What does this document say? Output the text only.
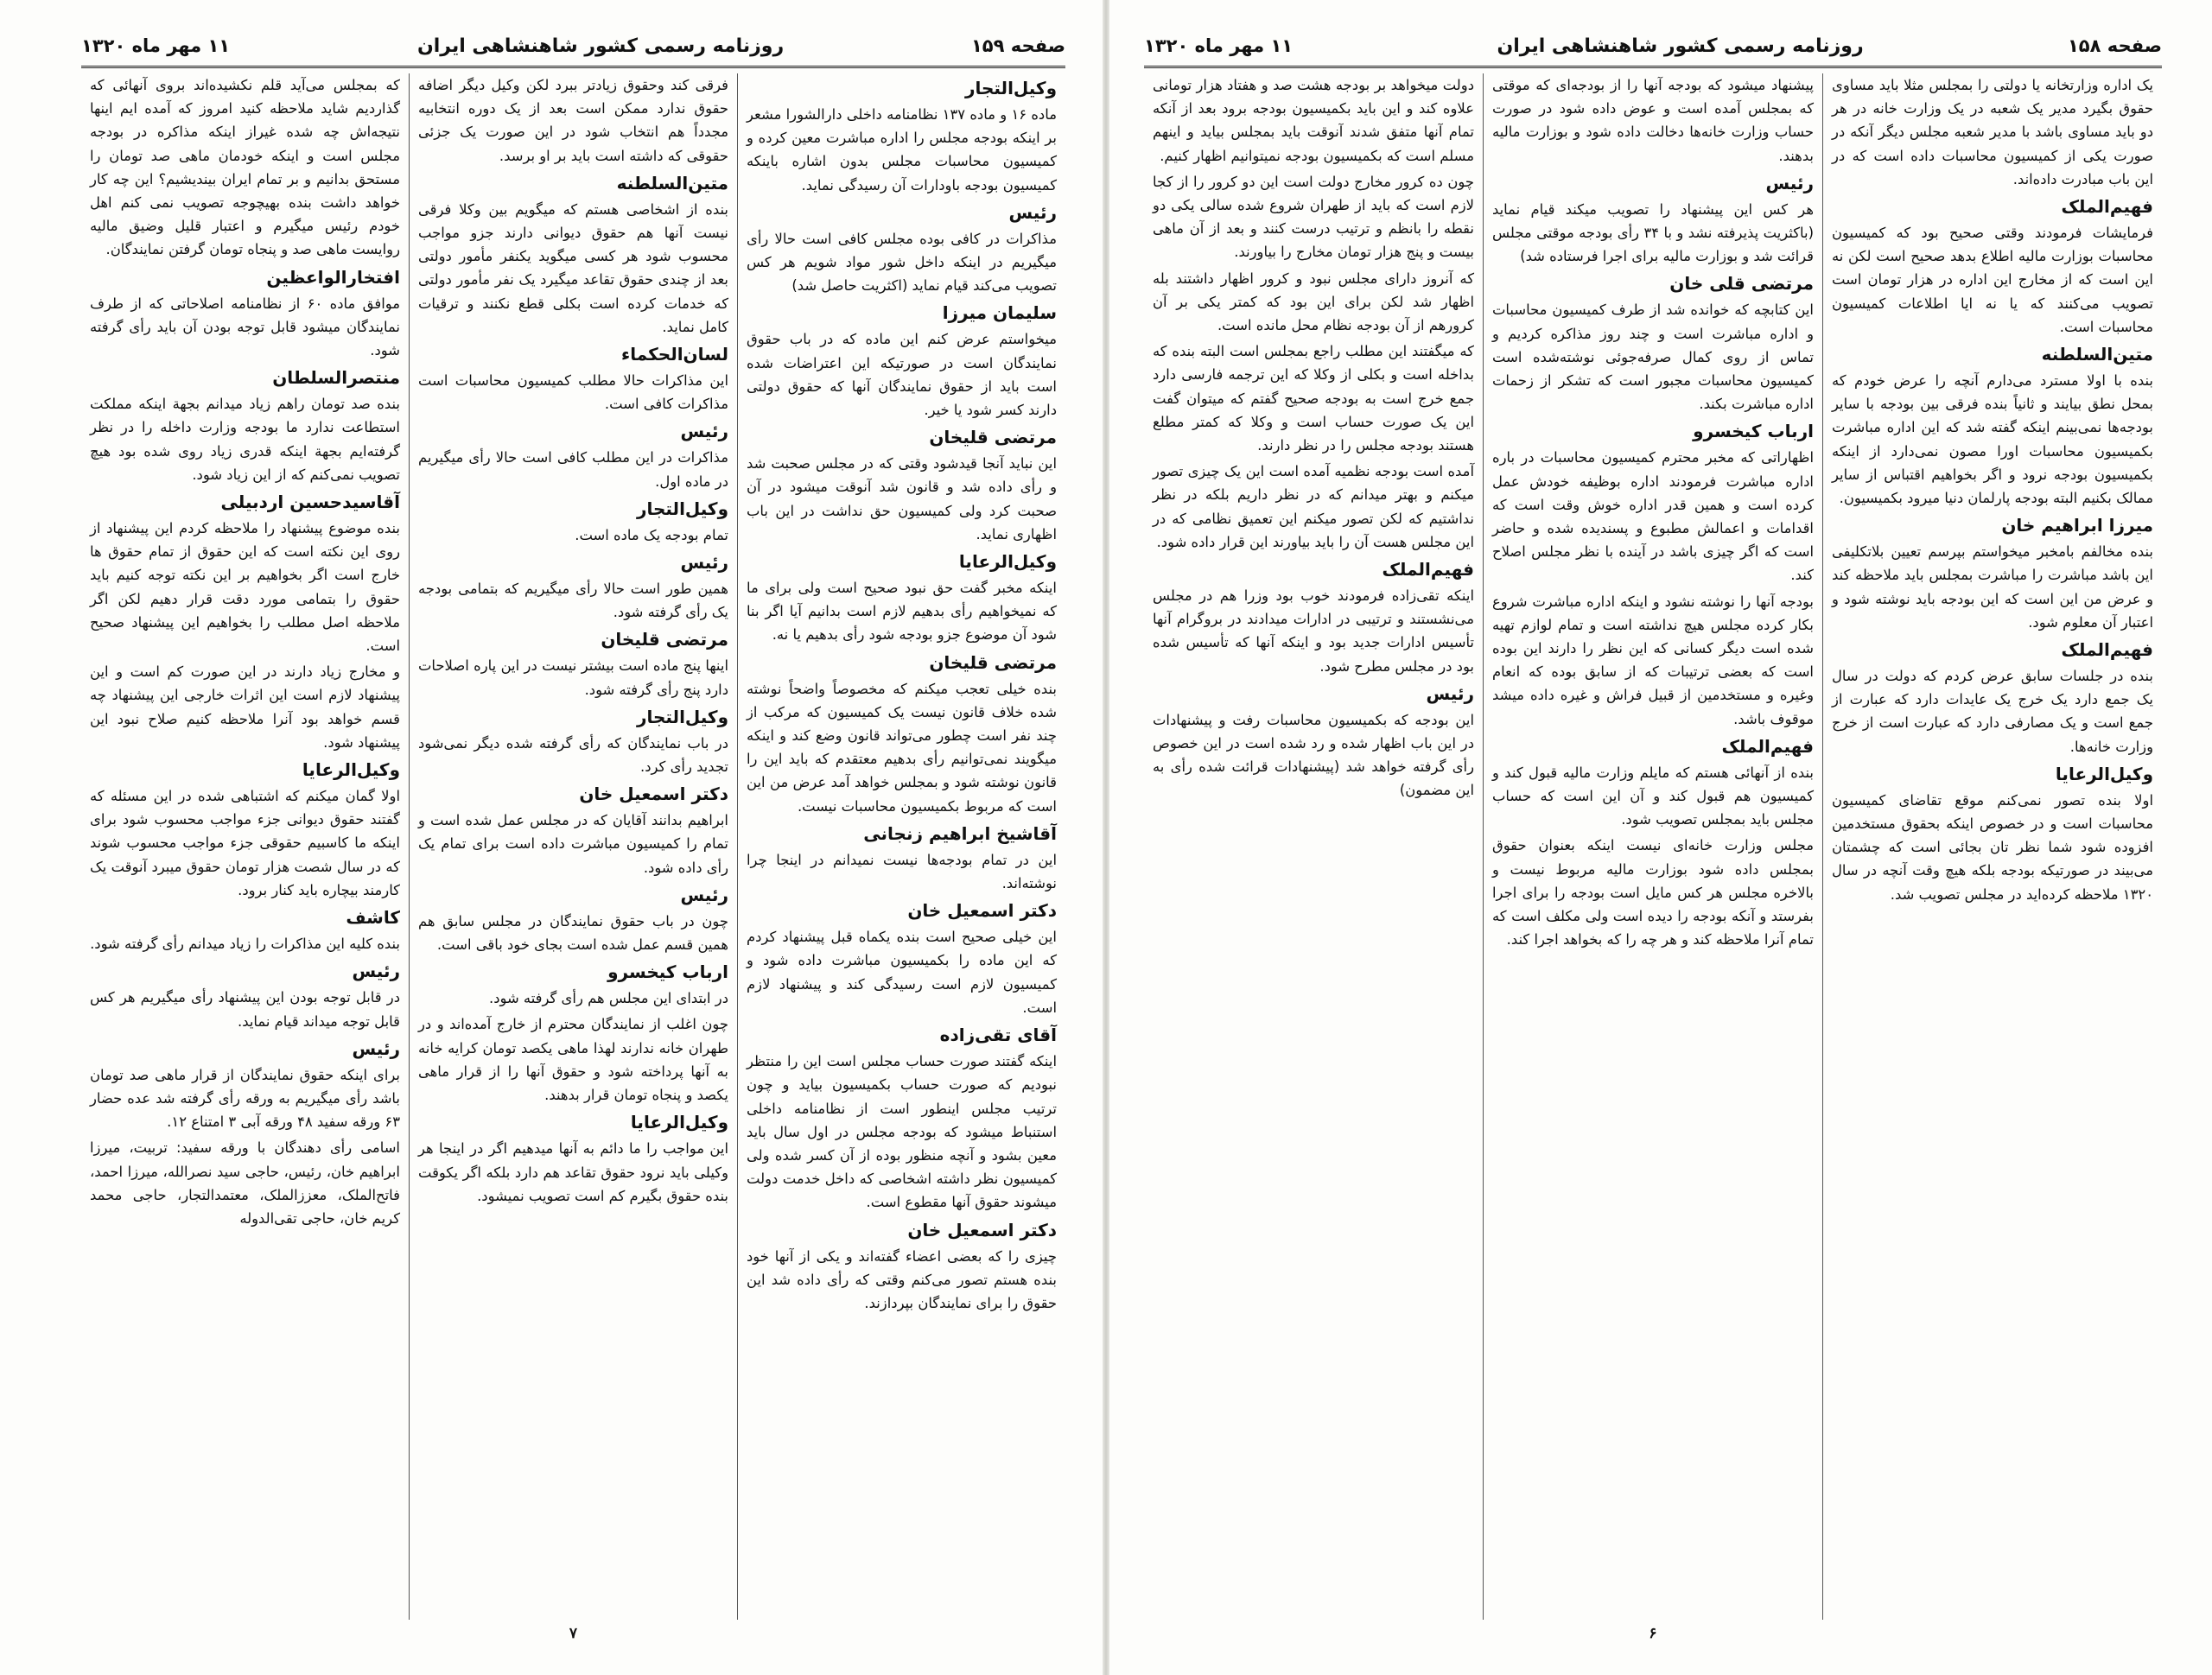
صفحه ۱۵۹
روزنامه رسمی کشور شاهنشاهی ایران
۱۱ مهر ماه ۱۳۲۰
وکیل‌التجار

ماده ۱۶ و ماده ۱۳۷ نظامنامه داخلی دارالشورا مشعر بر اینکه بودجه مجلس را اداره مباشرت معین کرده و کمیسیون محاسبات مجلس بدون اشاره باینکه کمیسیون بودجه باودارات آن رسیدگی نماید.

رئیس

مذاکرات در کافی بوده مجلس کافی است حالا رأی میگیریم در اینکه داخل شور مواد شویم هر کس تصویب می‌کند قیام نماید (اکثریت حاصل شد)

سلیمان میرزا

میخواستم عرض کنم این ماده که در باب حقوق نمایندگان است در صورتیکه این اعتراضات شده است باید از حقوق نمایندگان آنها که حقوق دولتی دارند کسر شود یا خیر.

مرتضی قلیخان

این نباید آنجا قیدشود وقتی که در مجلس صحبت شد و رأی داده شد و قانون شد آنوقت میشود در آن صحبت کرد ولی کمیسیون حق نداشت در این باب اظهاری نماید.

وکیل‌الرعایا

اینکه مخبر گفت حق نبود صحیح است ولی برای ما که نمیخواهیم رأی بدهیم لازم است بدانیم آیا اگر بنا شود آن موضوع جزو بودجه شود رأی بدهیم یا نه.

مرتضی قلیخان

بنده خیلی تعجب میکنم که مخصوصاً واضحاً نوشته شده خلاف قانون نیست یک کمیسیون که مرکب از چند نفر است چطور می‌تواند قانون وضع کند و اینکه میگویند نمی‌توانیم رأی بدهیم معتقدم که باید این را قانون نوشته شود و بمجلس خواهد آمد عرض من این است که مربوط بکمیسیون محاسبات نیست.

آقاشیخ ابراهیم زنجانی

این در تمام بودجه‌ها نیست نمیدانم در اینجا چرا نوشته‌اند.

دکتر اسمعیل خان

این خیلی صحیح است بنده یکماه قبل پیشنهاد کردم که این ماده را بکمیسیون مباشرت داده شود و کمیسیون لازم است رسیدگی کند و پیشنهاد لازم است.

آقای تقی‌زاده

اینکه گفتند صورت حساب مجلس است این را منتظر نبودیم که صورت حساب بکمیسیون بیاید و چون ترتیب مجلس اینطور است از نظامنامه داخلی استنباط میشود که بودجه مجلس در اول سال باید معین بشود و آنچه منظور بوده از آن کسر شده ولی کمیسیون نظر داشته اشخاصی که داخل خدمت دولت میشوند حقوق آنها مقطوع است.

دکتر اسمعیل خان

چیزی را که بعضی اعضاء گفته‌اند و یکی از آنها خود بنده هستم تصور می‌کنم وقتی که رأی داده شد این حقوق را برای نمایندگان بپردازند.

فرقی کند وحقوق زیادتر ببرد لکن وکیل دیگر اضافه حقوق ندارد ممکن است بعد از یک دوره انتخابیه مجدداً هم انتخاب شود در این صورت یک جزئی حقوقی که داشته است باید بر او برسد.

متین‌السلطنه

بنده از اشخاصی هستم که میگویم بین وکلا فرقی نیست آنها هم حقوق دیوانی دارند جزو مواجب محسوب شود هر کسی میگوید یکنفر مأمور دولتی بعد از چندی حقوق تقاعد میگیرد یک نفر مأمور دولتی که خدمات کرده است بکلی قطع نکنند و ترقیات کامل نماید.

لسان‌الحکماء

این مذاکرات حالا مطلب کمیسیون محاسبات است مذاکرات کافی است.

رئیس

مذاکرات در این مطلب کافی است حالا رأی میگیریم در ماده اول.

وکیل‌التجار

تمام بودجه یک ماده است.

رئیس

همین طور است حالا رأی میگیریم که بتمامی بودجه یک رأی گرفته شود.

مرتضی قلیخان

اینها پنج ماده است بیشتر نیست در این پاره اصلاحات دارد پنج رأی گرفته شود.

وکیل‌التجار

در باب نمایندگان که رأی گرفته شده دیگر نمی‌شود تجدید رأی کرد.

دکتر اسمعیل خان

ابراهیم بدانند آقایان که در مجلس عمل شده است و تمام را کمیسیون مباشرت داده است برای تمام یک رأی داده شود.

رئیس

چون در باب حقوق نمایندگان در مجلس سابق هم همین قسم عمل شده است بجای خود باقی است.

ارباب کیخسرو

در ابتدای این مجلس هم رأی گرفته شود.

چون اغلب از نمایندگان محترم از خارج آمده‌اند و در طهران خانه ندارند لهذا ماهی یکصد تومان کرایه خانه به آنها پرداخته شود و حقوق آنها را از قرار ماهی یکصد و پنجاه تومان قرار بدهند.

وکیل‌الرعایا

این مواجب را ما دائم به آنها میدهیم اگر در اینجا هر وکیلی باید نرود حقوق تقاعد هم دارد بلکه اگر یکوقت بنده حقوق بگیرم کم است تصویب نمیشود.

که بمجلس می‌آید قلم نکشیده‌اند بروی آنهائی که گذاردیم شاید ملاحظه کنید امروز که آمده ایم اینها نتیجه‌اش چه شده غیراز اینکه مذاکره در بودجه مجلس است و اینکه خودمان ماهی صد تومان را مستحق بدانیم و بر تمام ایران بیندیشیم؟ این چه کار خواهد داشت بنده بهیچوجه تصویب نمی کنم اهل خودم رئیس میگیرم و اعتبار قلیل وضیق مالیه روایست ماهی صد و پنجاه تومان گرفتن نمایندگان.

افتخارالواعظین

موافق ماده ۶۰ از نظامنامه اصلاحاتی که از طرف نمایندگان میشود قابل توجه بودن آن باید رأی گرفته شود.

منتصرالسلطان

بنده صد تومان راهم زیاد میدانم بجهة اینکه مملکت استطاعت ندارد ما بودجه وزارت داخله را در نظر گرفته‌ایم بجهة اینکه قدری زیاد روی شده بود هیچ تصویب نمی‌کنم که از این زیاد شود.

آقاسیدحسین اردبیلی

بنده موضوع پیشنهاد را ملاحظه کردم این پیشنهاد از روی این نکته است که این حقوق از تمام حقوق ها خارج است اگر بخواهیم بر این نکته توجه کنیم باید حقوق را بتمامی مورد دقت قرار دهیم لکن اگر ملاحظه اصل مطلب را بخواهیم این پیشنهاد صحیح است.

و مخارج زیاد دارند در این صورت کم است و این پیشنهاد لازم است این اثرات خارجی این پیشنهاد چه قسم خواهد بود آنرا ملاحظه کنیم صلاح نبود این پیشنهاد شود.

وکیل‌الرعایا

اولا گمان میکنم که اشتباهی شده در این مسئله که گفتند حقوق دیوانی جزء مواجب محسوب شود برای اینکه ما کاسبیم حقوقی جزء مواجب محسوب شوند که در سال شصت هزار تومان حقوق میبرد آنوقت یک کارمند بیچاره باید کنار برود.

کاشف

بنده کلیه این مذاکرات را زیاد میدانم رأی گرفته شود.

رئیس

در قابل توجه بودن این پیشنهاد رأی میگیریم هر کس قابل توجه میداند قیام نماید.

رئیس

برای اینکه حقوق نمایندگان از قرار ماهی صد تومان باشد رأی میگیریم به ورقه رأی گرفته شد عده حضار ۶۳ ورقه سفید ۴۸ ورقه آبی ۳ امتناع ۱۲.

اسامی رأی دهندگان با ورقه سفید: تربیت، میرزا ابراهیم خان، رئیس، حاجی سید نصرالله، میرزا احمد، فاتح‌الملک، معززالملک، معتمدالتجار، حاجی محمد کریم خان، حاجی تقی‌الدوله

۷
صفحه ۱۵۸
روزنامه رسمی کشور شاهنشاهی ایران
۱۱ مهر ماه ۱۳۲۰

یک اداره وزارتخانه یا دولتی را بمجلس مثلا باید مساوی حقوق بگیرد مدیر یک شعبه در یک وزارت خانه در هر دو باید مساوی باشد با مدیر شعبه مجلس دیگر آنکه در صورت یکی از کمیسیون محاسبات داده است که در این باب مبادرت داده‌اند.

فهیم‌الملک

فرمایشات فرمودند وقتی صحیح بود که کمیسیون محاسبات بوزارت مالیه اطلاع بدهد صحیح است لکن نه این است که از مخارج این اداره در هزار تومان است تصویب می‌کنند که یا نه ایا اطلاعات کمیسیون محاسبات است.

متین‌السلطنه

بنده با اولا مسترد می‌دارم آنچه را عرض خودم که بمحل نطق بیایند و ثانیاً بنده فرقی بین بودجه با سایر بودجه‌ها نمی‌بینم اینکه گفته شد که این اداره مباشرت بکمیسیون محاسبات اورا مصون نمی‌دارد از اینکه بکمیسیون بودجه نرود و اگر بخواهیم اقتباس از سایر ممالک بکنیم البته بودجه پارلمان دنیا میرود بکمیسیون.

میرزا ابراهیم خان

بنده مخالفم بامخبر میخواستم بپرسم تعیین بلاتکلیفی این باشد مباشرت را مباشرت بمجلس باید ملاحظه کند و عرض من این است که این بودجه باید نوشته شود و اعتبار آن معلوم شود.

فهیم‌الملک

بنده در جلسات سابق عرض کردم که دولت در سال یک جمع دارد یک خرج یک عایدات دارد که عبارت از جمع است و یک مصارفی دارد که عبارت است از خرج وزارت خانه‌ها.

وکیل‌الرعایا

اولا بنده تصور نمی‌کنم موقع تقاضای کمیسیون محاسبات است و در خصوص اینکه بحقوق مستخدمین افزوده شود شما نظر تان بجائی است که چشمتان می‌بیند در صورتیکه بودجه بلکه هیچ وقت آنچه در سال ۱۳۲۰ ملاحظه کرده‌اید در مجلس تصویب شد.

پیشنهاد میشود که بودجه آنها را از بودجه‌ای که موقتی که بمجلس آمده است و عوض داده شود در صورت حساب وزارت خانه‌ها دخالت داده شود و بوزارت مالیه بدهند.

رئیس

هر کس این پیشنهاد را تصویب میکند قیام نماید (باکثریت پذیرفته نشد و با ۳۴ رأی بودجه موقتی مجلس قرائت شد و بوزارت مالیه برای اجرا فرستاده شد)

مرتضی قلی خان

این کتابچه که خوانده شد از طرف کمیسیون محاسبات و اداره مباشرت است و چند روز مذاکره کردیم و تماس از روی کمال صرفه‌جوئی نوشته‌شده است کمیسیون محاسبات مجبور است که تشکر از زحمات اداره مباشرت بکند.

ارباب کیخسرو

اظهاراتی که مخبر محترم کمیسیون محاسبات در باره اداره مباشرت فرمودند اداره بوظیفه خودش عمل کرده است و همین قدر اداره خوش وقت است که اقدامات و اعمالش مطبوع و پسندیده شده و حاضر است که اگر چیزی باشد در آینده با نظر مجلس اصلاح کند.

بودجه آنها را نوشته نشود و اینکه اداره مباشرت شروع بکار کرده مجلس هیچ نداشته است و تمام لوازم تهیه شده است دیگر کسانی که این نظر را دارند این بوده است که بعضی ترتیبات که از سابق بوده که انعام وغیره و مستخدمین از قبیل فراش و غیره داده میشد موقوف باشد.

فهیم‌الملک

بنده از آنهائی هستم که مایلم وزارت مالیه قبول کند و کمیسیون هم قبول کند و آن این است که حساب مجلس باید بمجلس تصویب شود.

مجلس وزارت خانه‌ای نیست اینکه بعنوان حقوق بمجلس داده شود بوزارت مالیه مربوط نیست و بالاخره مجلس هر کس مایل است بودجه را برای اجرا بفرستد و آنکه بودجه را دیده است ولی مکلف است که تمام آنرا ملاحظه کند و هر چه را که بخواهد اجرا کند.

دولت میخواهد بر بودجه هشت صد و هفتاد هزار تومانی علاوه کند و این باید بکمیسیون بودجه برود بعد از آنکه تمام آنها متفق شدند آنوقت باید بمجلس بیاید و اینهم مسلم است که بکمیسیون بودجه نمیتوانیم اظهار کنیم.

چون ده کرور مخارج دولت است این دو کرور را از کجا لازم است که باید از طهران شروع شده سالی یکی دو نقطه را بانظم و ترتیب درست کنند و بعد از آن ماهی بیست و پنج هزار تومان مخارج را بیاورند.

که آنروز دارای مجلس نبود و کرور اظهار داشتند بله اظهار شد لکن برای این بود که کمتر یکی بر آن کرورهم از آن بودجه نظام محل مانده است.

که میگفتند این مطلب راجع بمجلس است البته بنده که بداخله است و بکلی از وکلا که این ترجمه فارسی دارد جمع خرج است به بودجه صحیح گفتم که میتوان گفت این یک صورت حساب است و وکلا که کمتر مطلع هستند بودجه مجلس را در نظر دارند.

آمده است بودجه نظمیه آمده است این یک چیزی تصور میکنم و بهتر میدانم که در نظر داریم بلکه در نظر نداشتیم که لکن تصور میکنم این تعمیق نظامی که در این مجلس هست آن را باید بیاورند این قرار داده شود.

فهیم‌الملک

اینکه تقی‌زاده فرمودند خوب بود وزرا هم در مجلس می‌نشستند و ترتیبی در ادارات میدادند در بروگرام آنها تأسیس ادارات جدید بود و اینکه آنها که تأسیس شده بود در مجلس مطرح شود.

رئیس

این بودجه که بکمیسیون محاسبات رفت و پیشنهادات در این باب اظهار شده و رد شده است در این خصوص رأی گرفته خواهد شد (پیشنهادات قرائت شده رأی به این مضمون)

۶
